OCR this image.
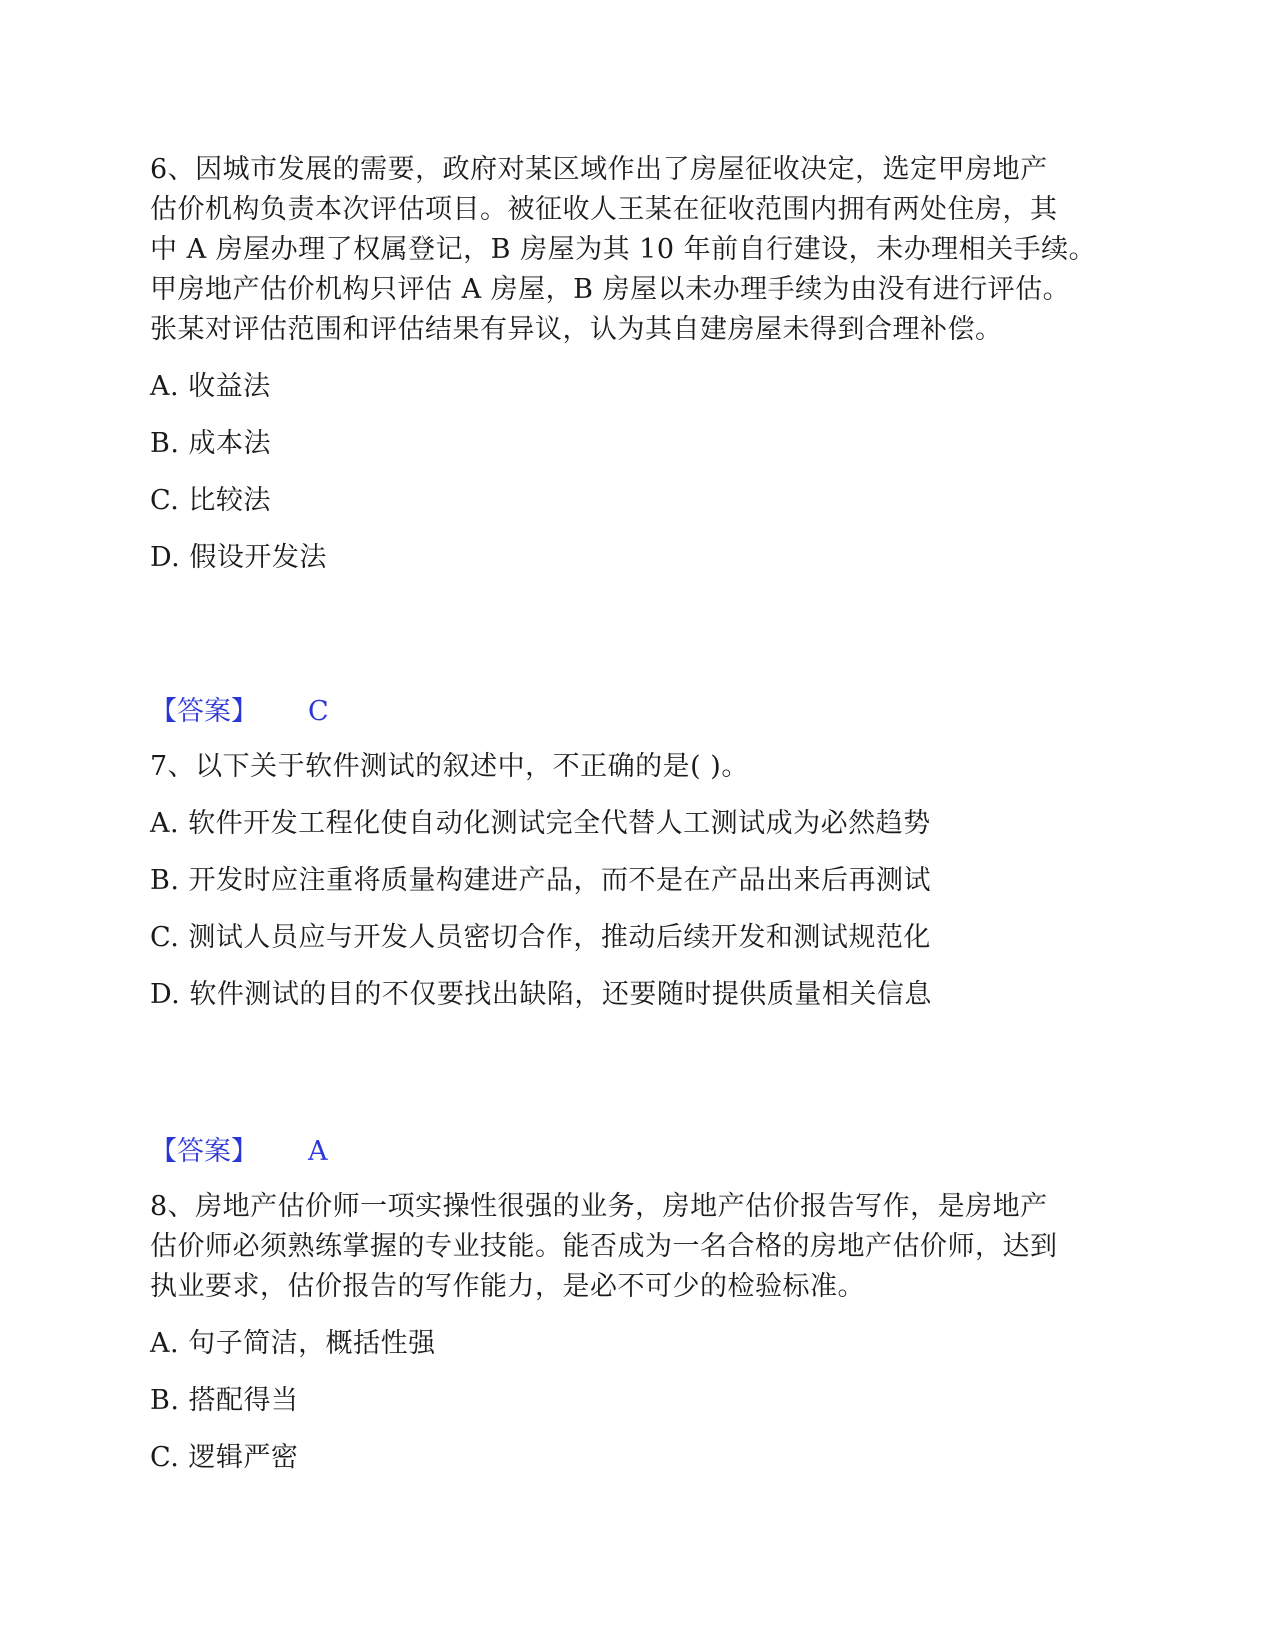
6、因城市发展的需要，政府对某区域作出了房屋征收决定，选定甲房地产
估价机构负责本次评估项目。被征收人王某在征收范围内拥有两处住房，其
中 A 房屋办理了权属登记，B 房屋为其 10 年前自行建设，未办理相关手续。
甲房地产估价机构只评估 A 房屋，B 房屋以未办理手续为由没有进行评估。
张某对评估范围和评估结果有异议，认为其自建房屋未得到合理补偿。

A. 收益法
B. 成本法
C. 比较法
D. 假设开发法
【答案】 C

7、以下关于软件测试的叙述中，不正确的是( )。

A. 软件开发工程化使自动化测试完全代替人工测试成为必然趋势
B. 开发时应注重将质量构建进产品，而不是在产品出来后再测试
C. 测试人员应与开发人员密切合作，推动后续开发和测试规范化
D. 软件测试的目的不仅要找出缺陷，还要随时提供质量相关信息
【答案】 A

8、房地产估价师一项实操性很强的业务，房地产估价报告写作，是房地产
估价师必须熟练掌握的专业技能。能否成为一名合格的房地产估价师，达到
执业要求，估价报告的写作能力，是必不可少的检验标准。

A. 句子简洁，概括性强
B. 搭配得当
C. 逻辑严密
